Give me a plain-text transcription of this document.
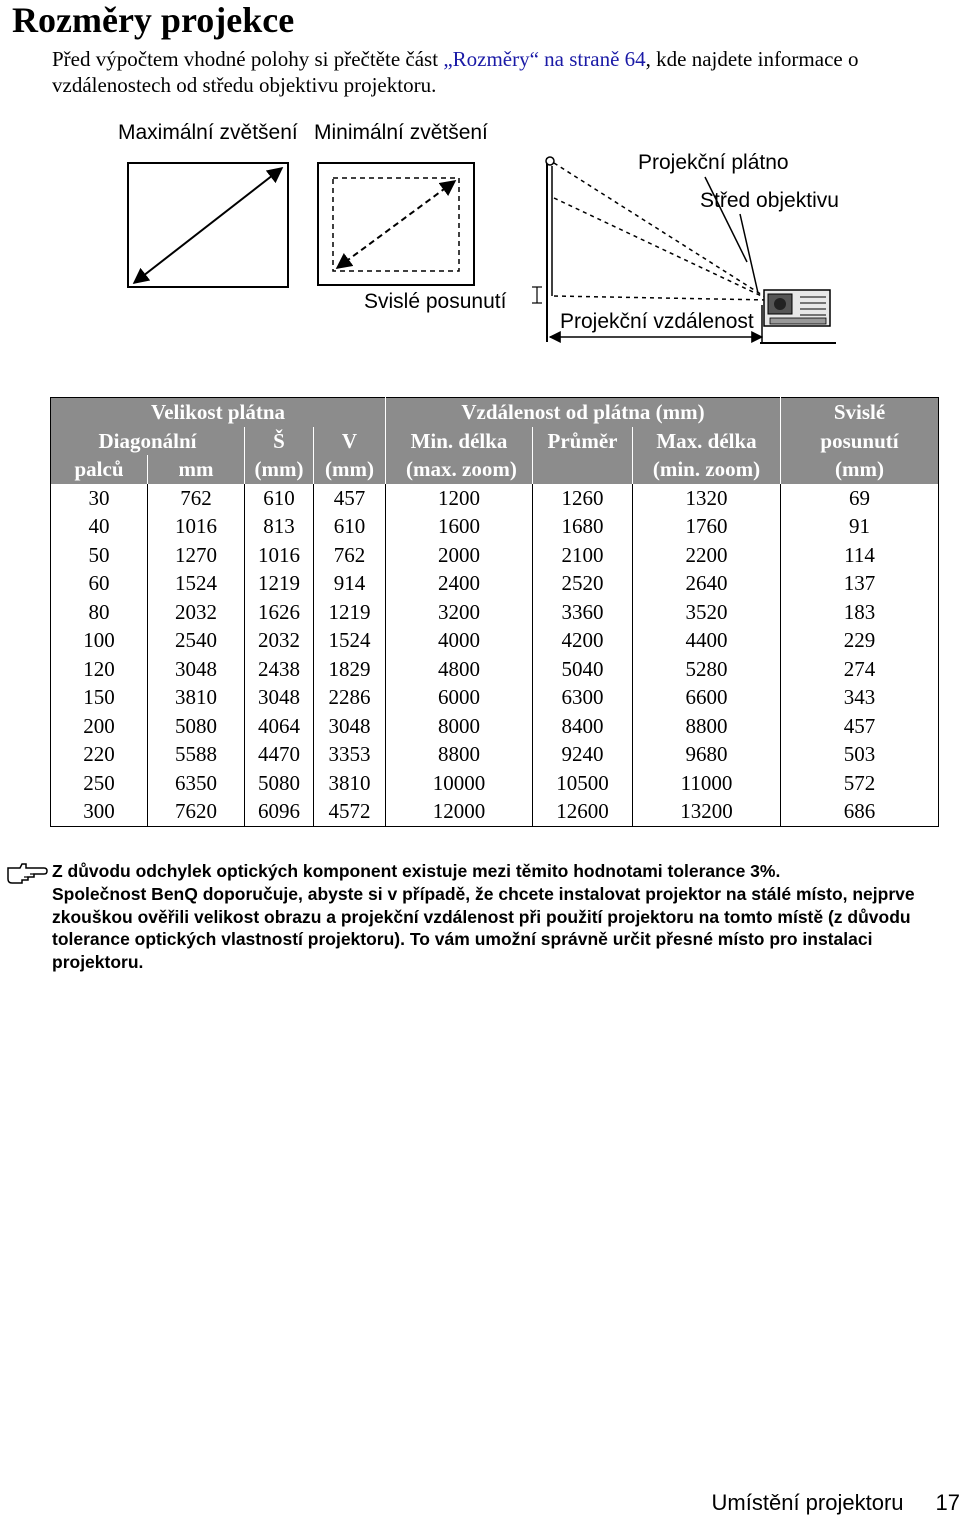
Rozměry projekce
Před výpočtem vhodné polohy si přečtěte část „Rozměry“ na straně 64, kde najdete informace o vzdálenostech od středu objektivu projektoru.
Maximální zvětšení Minimální zvětšení
Projekční plátno
Střed objektivu
Svislé posunutí
Projekční vzdálenost
Velikost plátna				Vzdálenost od plátna (mm)			Svislé
Diagonální		Š	V	Min. délka	Průměr	Max. délka	posunutí
palců	mm	(mm)	(mm)	(max. zoom)		(min. zoom)	(mm)
30	762	610	457	1200	1260	1320	69
40	1016	813	610	1600	1680	1760	91
50	1270	1016	762	2000	2100	2200	114
60	1524	1219	914	2400	2520	2640	137
80	2032	1626	1219	3200	3360	3520	183
100	2540	2032	1524	4000	4200	4400	229
120	3048	2438	1829	4800	5040	5280	274
150	3810	3048	2286	6000	6300	6600	343
200	5080	4064	3048	8000	8400	8800	457
220	5588	4470	3353	8800	9240	9680	503
250	6350	5080	3810	10000	10500	11000	572
300	7620	6096	4572	12000	12600	13200	686

Z důvodu odchylek optických komponent existuje mezi těmito hodnotami tolerance 3%.

Společnost BenQ doporučuje, abyste si v případě, že chcete instalovat projektor na stálé místo, nejprve zkouškou ověřili velikost obrazu a projekční vzdálenost při použití projektoru na tomto místě (z důvodu tolerance optických vlastností projektoru). To vám umožní správně určit přesné místo pro instalaci projektoru.

Umístění projektoru 17
